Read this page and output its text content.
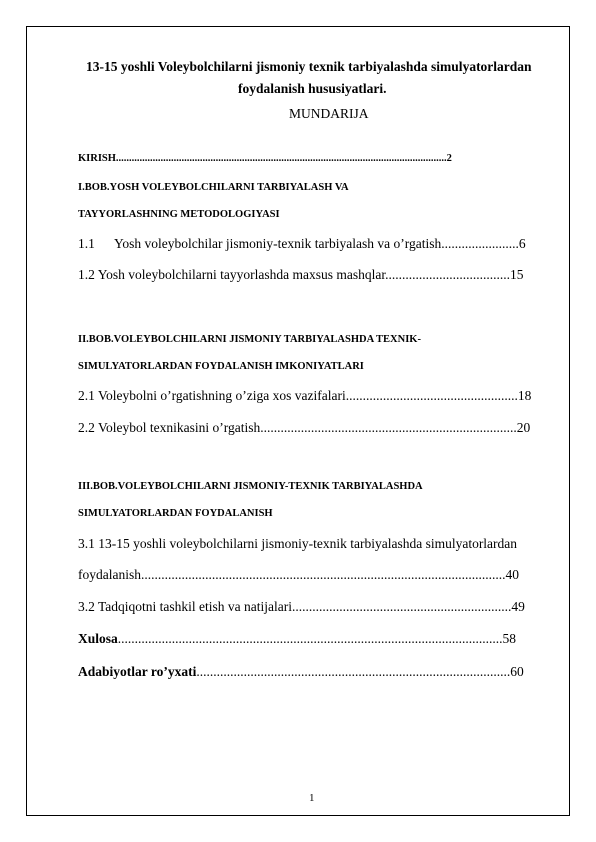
13-15 yoshli Voleybolchilarni jismoniy texnik tarbiyalashda simulyatorlardan
foydalanish hususiyatlari.
MUNDARIJA
KIRISH..............................................................................................................................2
I.BOB.YOSH VOLEYBOLCHILARNI TARBIYALASH VA
TAYYORLASHNING METODOLOGIYASI
1.1 Yosh voleybolchilar jismoniy-texnik tarbiyalash va o’rgatish.......................6
1.2 Yosh voleybolchilarni tayyorlashda maxsus mashqlar.....................................15
II.BOB.VOLEYBOLCHILARNI JISMONIY TARBIYALASHDA TEXNIK-
SIMULYATORLARDAN FOYDALANISH IMKONIYATLARI
2.1 Voleybolni o’rgatishning o’ziga xos vazifalari...................................................18
2.2 Voleybol texnikasini o’rgatish............................................................................20
III.BOB.VOLEYBOLCHILARNI JISMONIY-TEXNIK TARBIYALASHDA
SIMULYATORLARDAN FOYDALANISH
3.1 13-15 yoshli voleybolchilarni jismoniy-texnik tarbiyalashda simulyatorlardan
foydalanish............................................................................................................40
3.2 Tadqiqotni tashkil etish va natijalari.................................................................49
Xulosa..................................................................................................................58
Adabiyotlar ro’yxati.............................................................................................60
1
